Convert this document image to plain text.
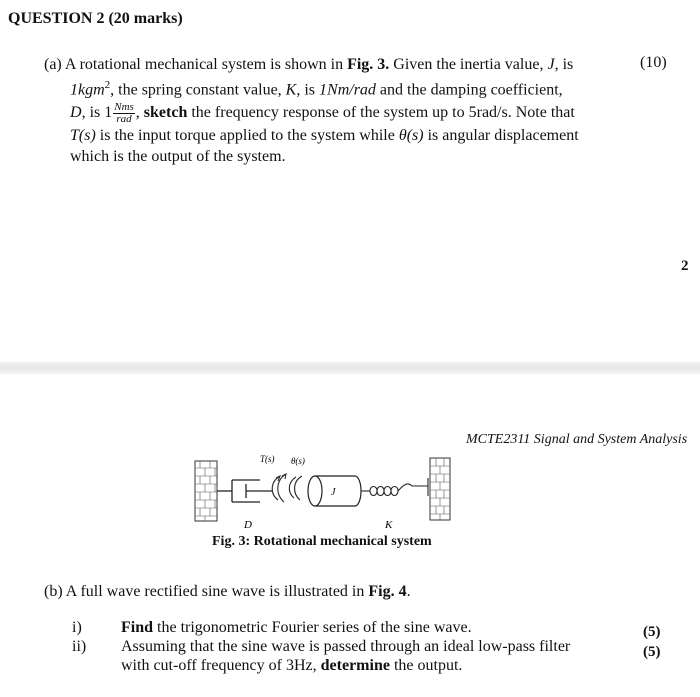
QUESTION 2 (20 marks)
(a) A rotational mechanical system is shown in Fig. 3. Given the inertia value, J, is
1kgm$^2$, the spring constant value, K, is 1Nm/rad and the damping coefficient,
D, is $1 \frac{\text{Nms}}{\text{rad}}$ , sketch the frequency response of the system up to 5rad/s. Note that
T(s) is the input torque applied to the system while θ(s) is angular displacement
which is the output of the system.
(10)
2
MCTE2311 Signal and System Analysis
T(s) θ(s)
J
D	K
Fig. 3: Rotational mechanical system
(b) A full wave rectified sine wave is illustrated in Fig. 4.
i) Find the trigonometric Fourier series of the sine wave.
ii) Assuming that the sine wave is passed through an ideal low-pass filter
with cut-off frequency of 3Hz, determine the output.
(5)
(5)
